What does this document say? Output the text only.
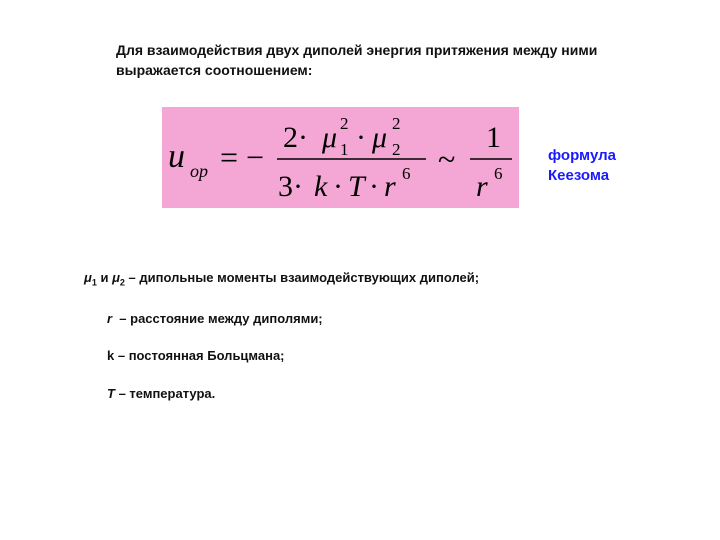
Для взаимодействия двух диполей энергия притяжения между ними
выражается соотношением:
u op = −
2· μ 1
2 · μ 2
2
3· k · T · r 6 ~
1
r 6
формула
Кеезома
$\mu_1$ и $\mu_2$ – дипольные моменты взаимодействующих диполей;
r  – расстояние между диполями;
k – постоянная Больцмана;
T – температура.
